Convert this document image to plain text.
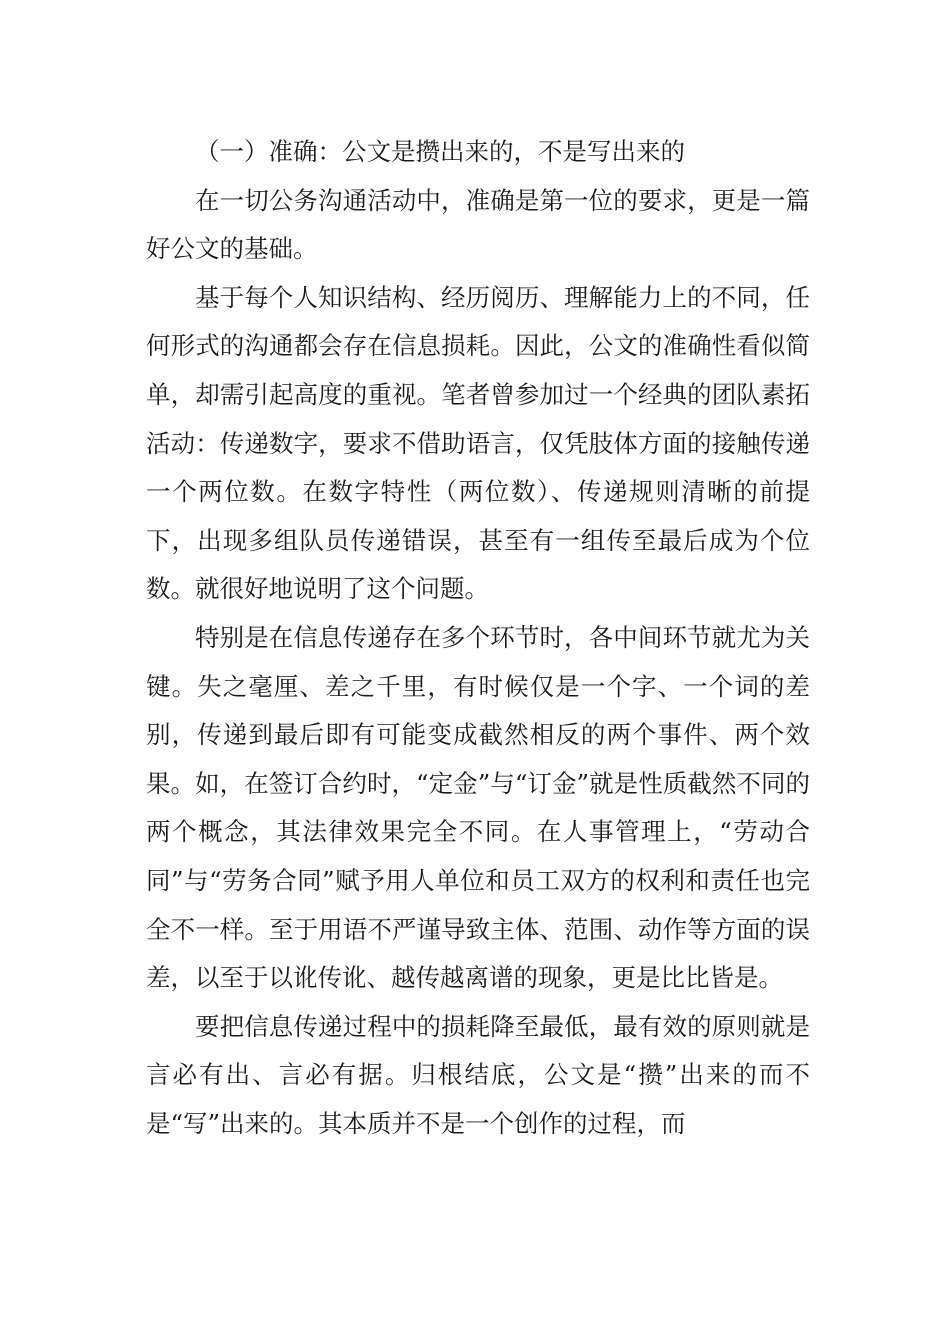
（一）准确：公文是攒出来的，不是写出来的

在一切公务沟通活动中，准确是第一位的要求，更是一篇好公文的基础。

基于每个人知识结构、经历阅历、理解能力上的不同，任何形式的沟通都会存在信息损耗。因此，公文的准确性看似简单，却需引起高度的重视。笔者曾参加过一个经典的团队素拓活动：传递数字，要求不借助语言，仅凭肢体方面的接触传递一个两位数。在数字特性（两位数）、传递规则清晰的前提下，出现多组队员传递错误，甚至有一组传至最后成为个位数。就很好地说明了这个问题。

特别是在信息传递存在多个环节时，各中间环节就尤为关键。失之毫厘、差之千里，有时候仅是一个字、一个词的差别，传递到最后即有可能变成截然相反的两个事件、两个效果。如，在签订合约时，“定金”与“订金”就是性质截然不同的两个概念，其法律效果完全不同。在人事管理上，“劳动合同”与“劳务合同”赋予用人单位和员工双方的权利和责任也完全不一样。至于用语不严谨导致主体、范围、动作等方面的误差，以至于以讹传讹、越传越离谱的现象，更是比比皆是。

要把信息传递过程中的损耗降至最低，最有效的原则就是言必有出、言必有据。归根结底，公文是“攒”出来的而不是“写”出来的。其本质并不是一个创作的过程，而
